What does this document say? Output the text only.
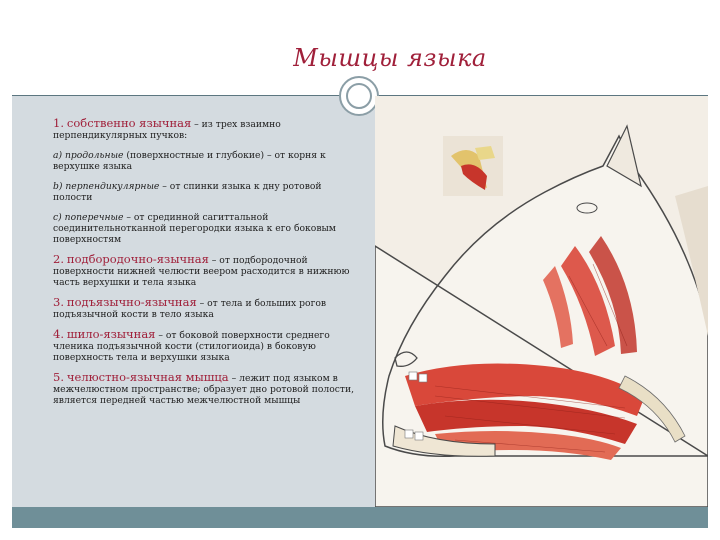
Мышцы языка
1. собственно язычная – из трех взаимно перпендикулярных пучков:
a) продольные (поверхностные и глубокие) – от корня к верхушке языка
b) перпендикулярные – от спинки языка к дну ротовой полости
c) поперечные – от срединной сагиттальной соединительнотканной перегородки языка к его боковым поверхностям
2. подбородочно-язычная – от подбородочной поверхности нижней челюсти веером расходится в нижнюю часть верхушки и тела языка
3. подъязычно-язычная – от тела и больших рогов подъязычной кости в тело языка
4. шило-язычная – от боковой поверхности среднего членика подъязычной кости (стилогиоида) в боковую поверхность тела и верхушки языка
5. челюстно-язычная мышца – лежит под языком в межчелюстном пространстве; образует дно ротовой полости, является передней частью межчелюстной мышцы
